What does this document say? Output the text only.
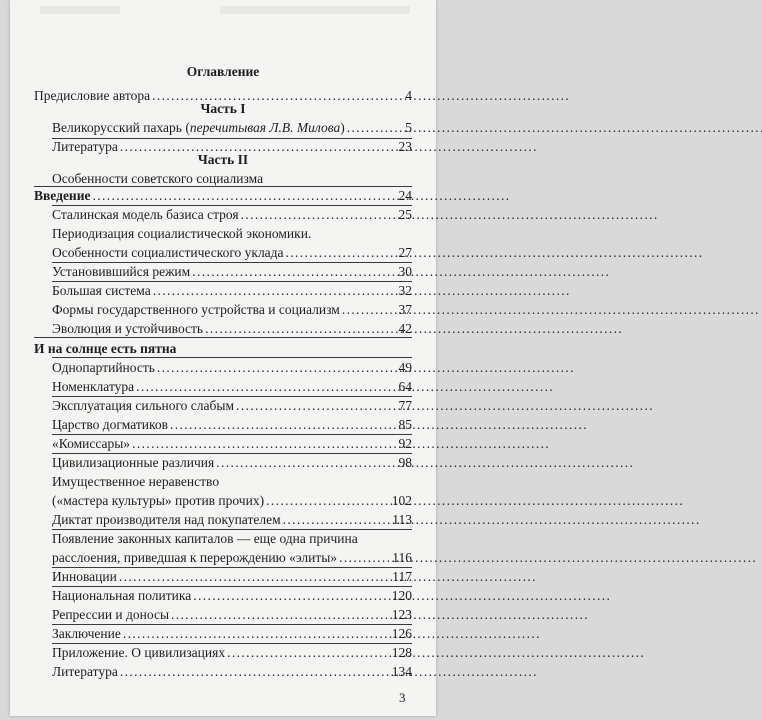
Оглавление
Предисловие автора . . .	4
Часть I
Великорусский пахарь (перечитывая Л.В. Милова) . . .	5
Литература . . .	23
Часть II
Особенности советского социализма
Введение . . .	24
Сталинская модель базиса строя . . .	25
Периодизация социалистической экономики.
Особенности социалистического уклада . . .	27
Установившийся режим . . .	30
Большая система . . .	32
Формы государственного устройства и социализм . . .	37
Эволюция и устойчивость . . .	42
И на солнце есть пятна
Однопартийность . . .	49
Номенклатура . . .	64
Эксплуатация сильного слабым . . .	77
Царство догматиков . . .	85
«Комиссары» . . .	92
Цивилизационные различия . . .	98
Имущественное неравенство
(«мастера культуры» против прочих) . . .	102
Диктат производителя над покупателем . . .	113
Появление законных капиталов — еще одна причина
расслоения, приведшая к перерождению «элиты» . . .	116
Инновации . . .	117
Национальная политика . . .	120
Репрессии и доносы . . .	123
Заключение . . .	126
Приложение. О цивилизациях . . .	128
Литература . . .	134
3
